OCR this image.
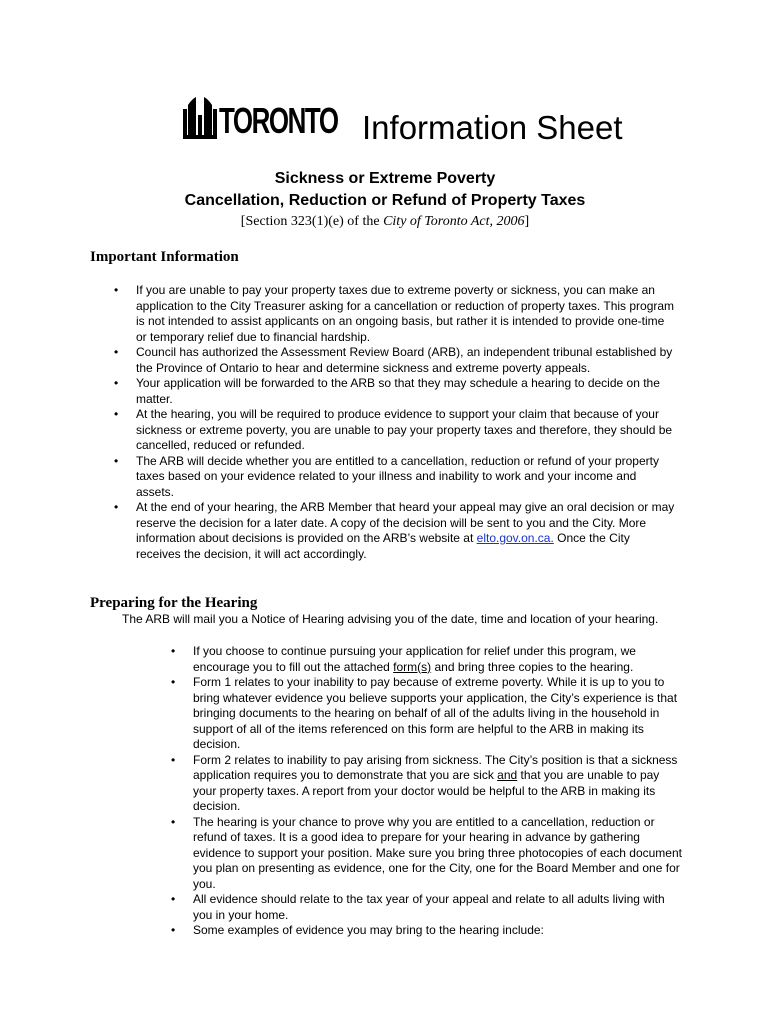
TORONTO Information Sheet
Sickness or Extreme Poverty
Cancellation, Reduction or Refund of Property Taxes
[Section 323(1)(e) of the City of Toronto Act, 2006]
Important Information
• If you are unable to pay your property taxes due to extreme poverty or sickness, you can make an application to the City Treasurer asking for a cancellation or reduction of property taxes. This program is not intended to assist applicants on an ongoing basis, but rather it is intended to provide one-time or temporary relief due to financial hardship.
• Council has authorized the Assessment Review Board (ARB), an independent tribunal established by the Province of Ontario to hear and determine sickness and extreme poverty appeals.
• Your application will be forwarded to the ARB so that they may schedule a hearing to decide on the matter.
• At the hearing, you will be required to produce evidence to support your claim that because of your sickness or extreme poverty, you are unable to pay your property taxes and therefore, they should be cancelled, reduced or refunded.
• The ARB will decide whether you are entitled to a cancellation, reduction or refund of your property taxes based on your evidence related to your illness and inability to work and your income and assets.
• At the end of your hearing, the ARB Member that heard your appeal may give an oral decision or may reserve the decision for a later date. A copy of the decision will be sent to you and the City. More information about decisions is provided on the ARB’s website at elto.gov.on.ca. Once the City receives the decision, it will act accordingly.
Preparing for the Hearing
The ARB will mail you a Notice of Hearing advising you of the date, time and location of your hearing.
• If you choose to continue pursuing your application for relief under this program, we encourage you to fill out the attached form(s) and bring three copies to the hearing.
• Form 1 relates to your inability to pay because of extreme poverty. While it is up to you to bring whatever evidence you believe supports your application, the City’s experience is that bringing documents to the hearing on behalf of all of the adults living in the household in support of all of the items referenced on this form are helpful to the ARB in making its decision.
• Form 2 relates to inability to pay arising from sickness. The City’s position is that a sickness application requires you to demonstrate that you are sick and that you are unable to pay your property taxes. A report from your doctor would be helpful to the ARB in making its decision.
• The hearing is your chance to prove why you are entitled to a cancellation, reduction or refund of taxes. It is a good idea to prepare for your hearing in advance by gathering evidence to support your position. Make sure you bring three photocopies of each document you plan on presenting as evidence, one for the City, one for the Board Member and one for you.
• All evidence should relate to the tax year of your appeal and relate to all adults living with you in your home.
• Some examples of evidence you may bring to the hearing include:
